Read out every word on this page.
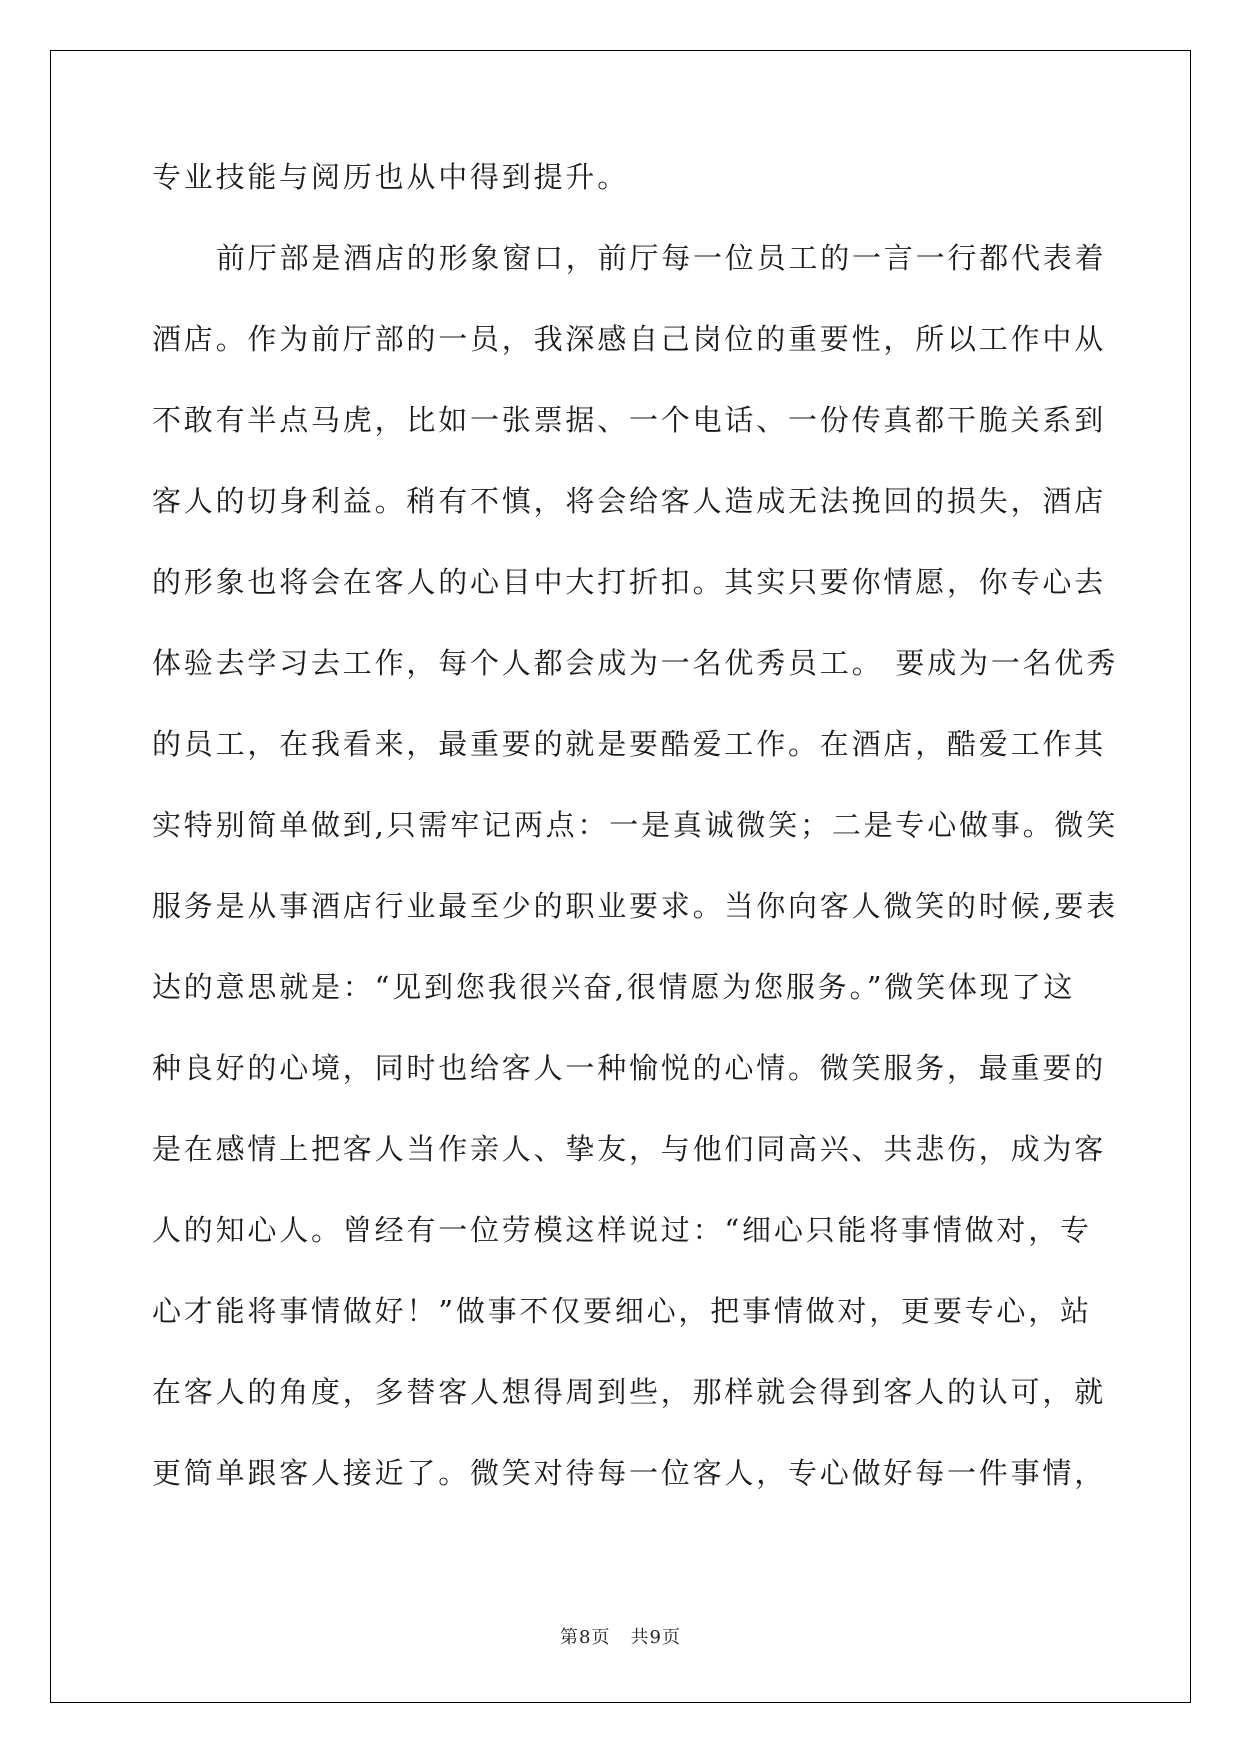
专业技能与阅历也从中得到提升。
前厅部是酒店的形象窗口，前厅每一位员工的一言一行都代表着
酒店。作为前厅部的一员，我深感自己岗位的重要性，所以工作中从
不敢有半点马虎，比如一张票据、一个电话、一份传真都干脆关系到
客人的切身利益。稍有不慎，将会给客人造成无法挽回的损失，酒店
的形象也将会在客人的心目中大打折扣。其实只要你情愿，你专心去
体验去学习去工作，每个人都会成为一名优秀员工。 要成为一名优秀
的员工，在我看来，最重要的就是要酷爱工作。在酒店，酷爱工作其
实特别简单做到,只需牢记两点：一是真诚微笑；二是专心做事。微笑
服务是从事酒店行业最至少的职业要求。当你向客人微笑的时候,要表
达的意思就是：“见到您我很兴奋,很情愿为您服务。”微笑体现了这
种良好的心境，同时也给客人一种愉悦的心情。微笑服务，最重要的
是在感情上把客人当作亲人、挚友，与他们同高兴、共悲伤，成为客
人的知心人。曾经有一位劳模这样说过：“细心只能将事情做对，专
心才能将事情做好！”做事不仅要细心，把事情做对，更要专心，站
在客人的角度，多替客人想得周到些，那样就会得到客人的认可，就
更简单跟客人接近了。微笑对待每一位客人，专心做好每一件事情，
第8页 共9页
